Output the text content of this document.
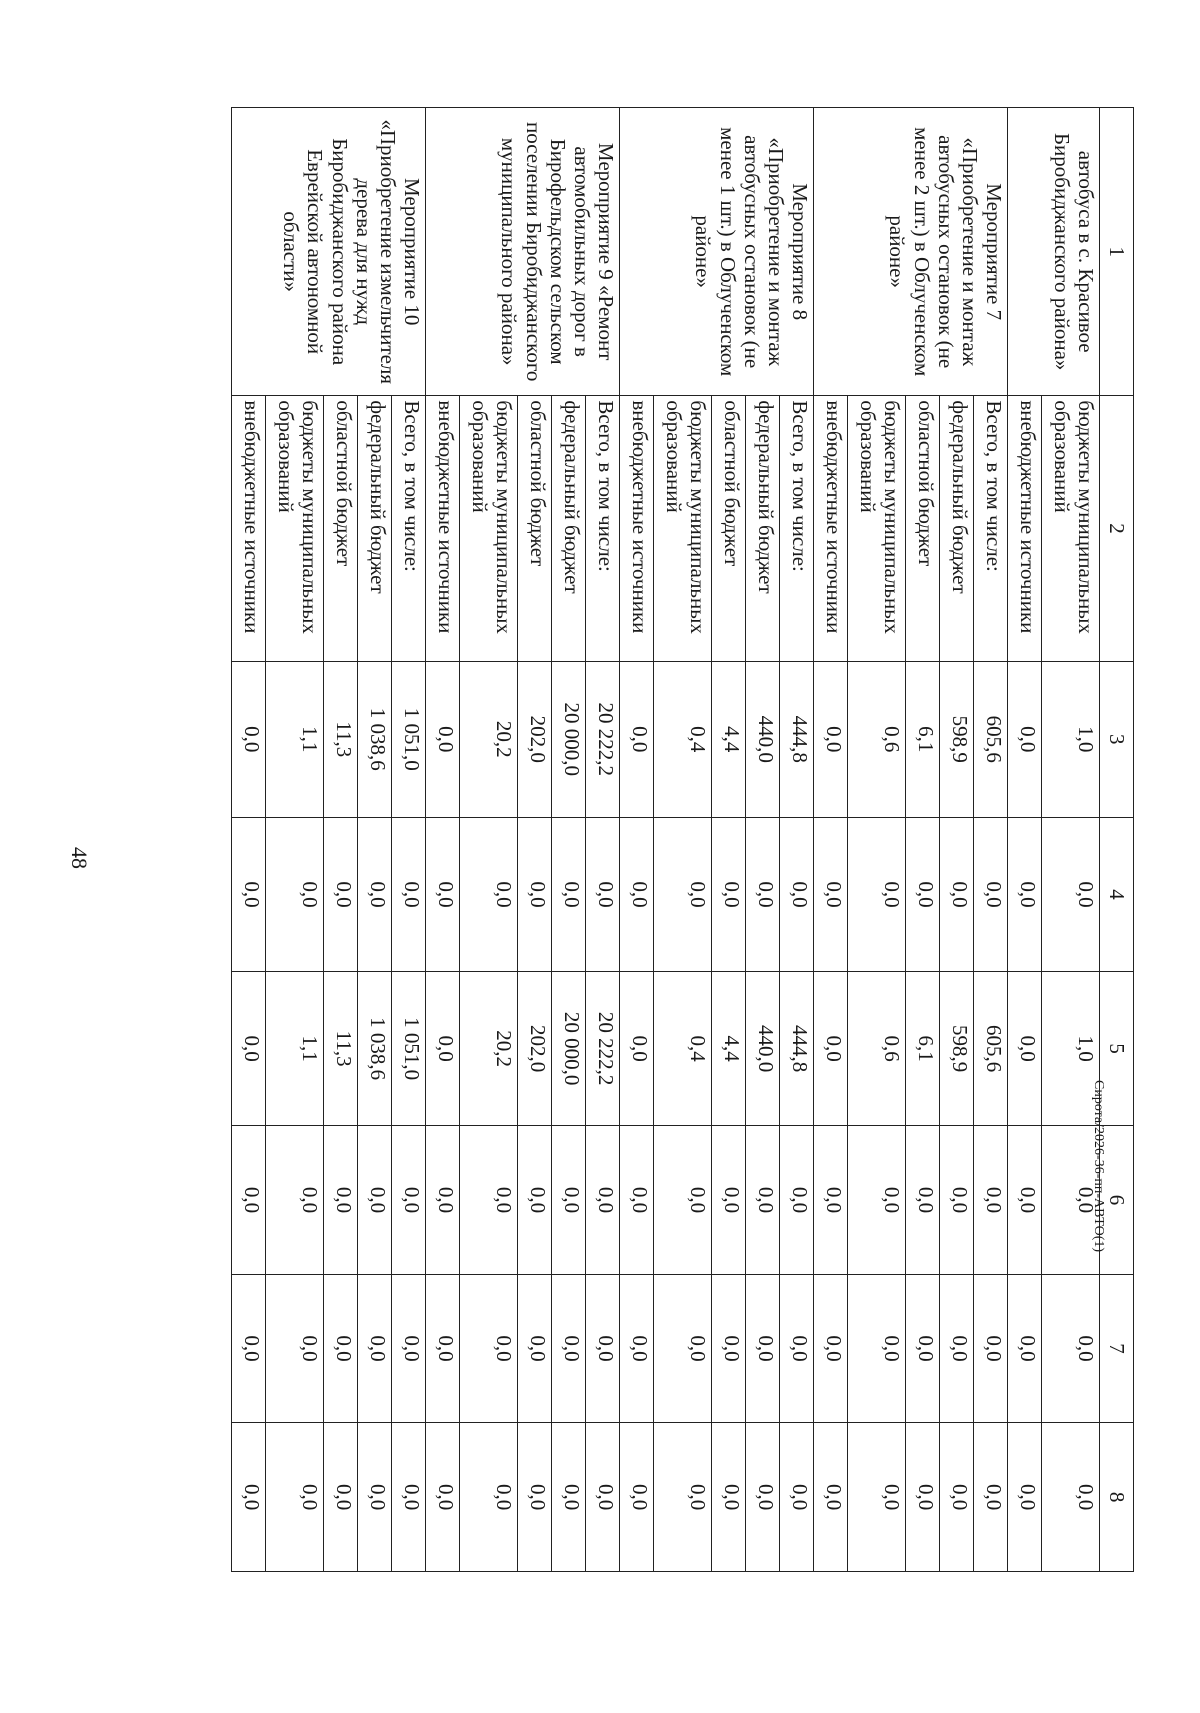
48
1	2	3	4	5	6	7	8
автобуса в с. Красивое Биробиджанского района»	бюджеты муниципальных образований	1,0	0,0	1,0	0,0	0,0	0,0
	внебюджетные источники	0,0	0,0	0,0	0,0	0,0	0,0
Мероприятие 7 «Приобретение и монтаж автобусных остановок (не менее 2 шт.) в Облученском районе»	Всего, в том числе:	605,6	0,0	605,6	0,0	0,0	0,0
	федеральный бюджет	598,9	0,0	598,9	0,0	0,0	0,0
	областной бюджет	6,1	0,0	6,1	0,0	0,0	0,0
	бюджеты муниципальных образований	0,6	0,0	0,6	0,0	0,0	0,0
	внебюджетные источники	0,0	0,0	0,0	0,0	0,0	0,0
Мероприятие 8 «Приобретение и монтаж автобусных остановок (не менее 1 шт.) в Облученском районе»	Всего, в том числе:	444,8	0,0	444,8	0,0	0,0	0,0
	федеральный бюджет	440,0	0,0	440,0	0,0	0,0	0,0
	областной бюджет	4,4	0,0	4,4	0,0	0,0	0,0
	бюджеты муниципальных образований	0,4	0,0	0,4	0,0	0,0	0,0
	внебюджетные источники	0,0	0,0	0,0	0,0	0,0	0,0
Мероприятие 9 «Ремонт автомобильных дорог в Бирофельдском сельском поселении Биробиджанского муниципального района»	Всего, в том числе:	20 222,2	0,0	20 222,2	0,0	0,0	0,0
	федеральный бюджет	20 000,0	0,0	20 000,0	0,0	0,0	0,0
	областной бюджет	202,0	0,0	202,0	0,0	0,0	0,0
	бюджеты муниципальных образований	20,2	0,0	20,2	0,0	0,0	0,0
	внебюджетные источники	0,0	0,0	0,0	0,0	0,0	0,0
Мероприятие 10 «Приобретение измельчителя дерева для нужд Биробиджанского района Еврейской автономной области»	Всего, в том числе:	1 051,0	0,0	1 051,0	0,0	0,0	0,0
	федеральный бюджет	1 038,6	0,0	1 038,6	0,0	0,0	0,0
	областной бюджет	11,3	0,0	11,3	0,0	0,0	0,0
	бюджеты муниципальных образований	1,1	0,0	1,1	0,0	0,0	0,0
	внебюджетные источники	0,0	0,0	0,0	0,0	0,0	0,0
Сирота/2026-36-пп-АВТО(1)
